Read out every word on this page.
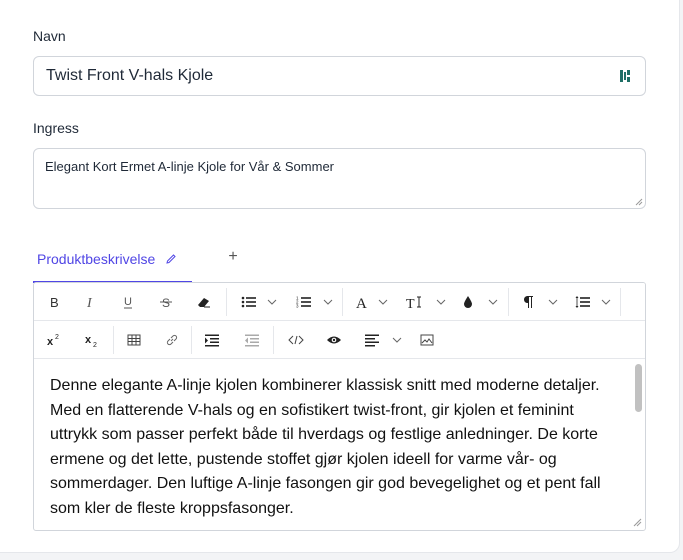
Navn
Twist Front V-hals Kjole
Ingress
Elegant Kort Ermet A-linje Kjole for Vår & Sommer
Produktbeskrivelse	+
B I	U	S	1
2
3	A	T
x 2 x 2

Denne elegante A-linje kjolen kombinerer klassisk snitt med moderne detaljer. Med en flatterende V-hals og en sofistikert twist-front, gir kjolen et feminint uttrykk som passer perfekt både til hverdags og festlige anledninger. De korte ermene og det lette, pustende stoffet gjør kjolen ideell for varme vår- og sommerdager. Den luftige A-linje fasongen gir god bevegelighet og et pent fall som kler de fleste kroppsfasonger.
